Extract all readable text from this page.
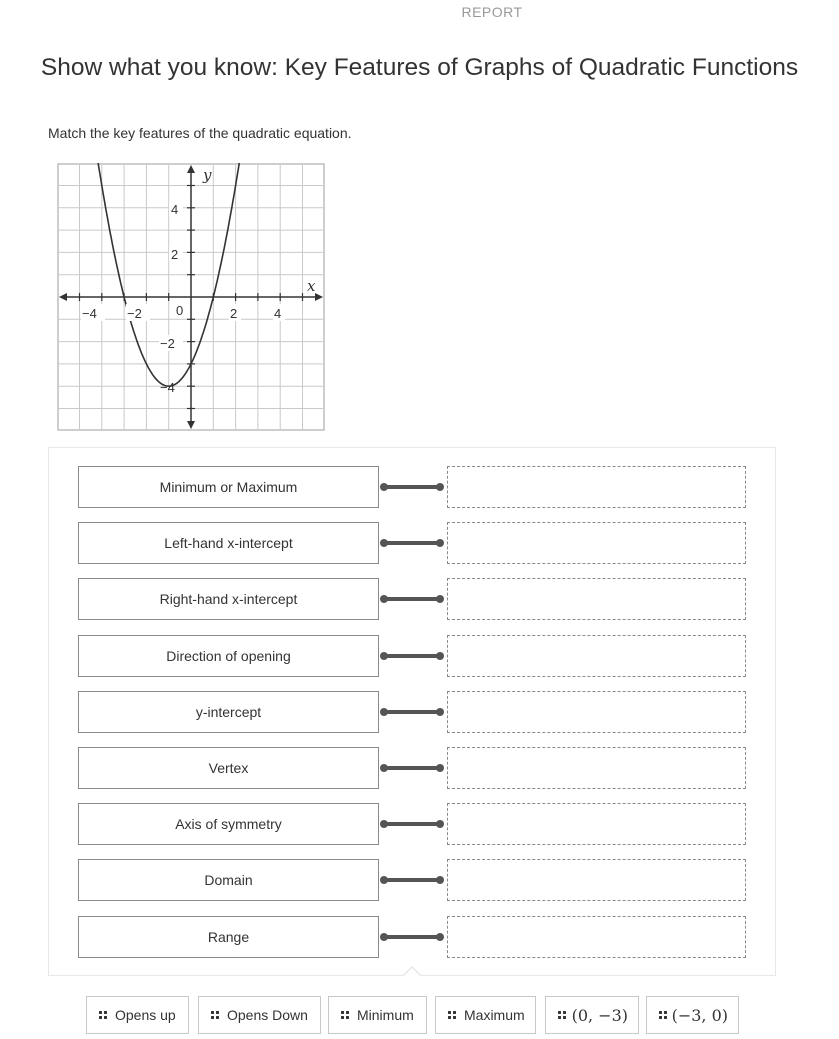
REPORT
Show what you know: Key Features of Graphs of Quadratic Functions

Match the key features of the quadratic equation.

y
x
−4 −2	0	2	4
4
2
−2
−4
Minimum or Maximum
Left-hand x-intercept
Right-hand x-intercept
Direction of opening
y-intercept
Vertex
Axis of symmetry
Domain
Range
Opens up	Opens Down	Minimum	Maximum	(0, −3)	(−3, 0)
